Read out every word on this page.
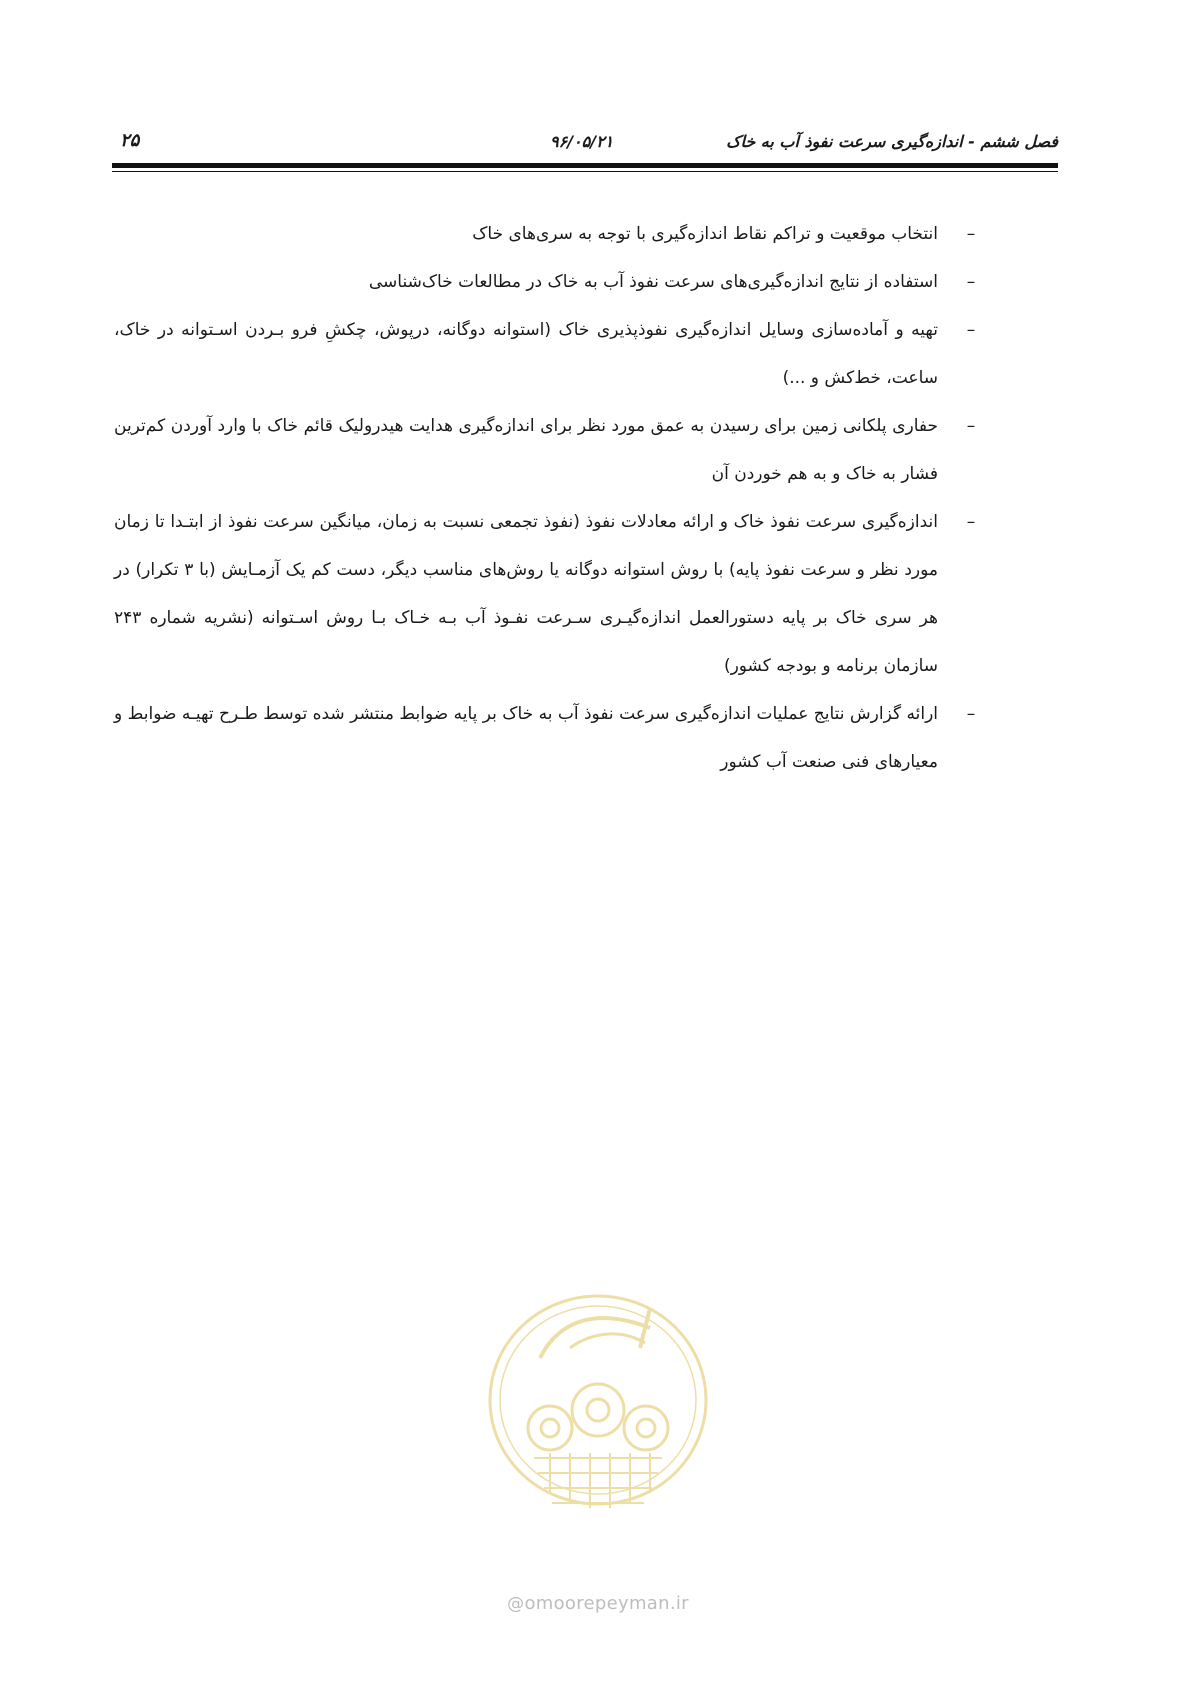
فصل ششم - اندازه‌گیری سرعت نفوذ آب به خاک
۹۶/۰۵/۲۱
۲۵
–
انتخاب موقعیت و تراکم نقاط اندازه‌گیری با توجه به سری‌های خاک
–
استفاده از نتایج اندازه‌گیری‌های سرعت نفوذ آب به خاک در مطالعات خاک‌شناسی
–
تهیه و آماده‌سازی وسایل اندازه‌گیری نفوذپذیری خاک (استوانه دوگانه، درپوش، چکشِ فرو بـردن اسـتوانه در خاک، ساعت، خط‌کش و ...)
–
حفاری پلکانی زمین برای رسیدن به عمق مورد نظر برای اندازه‌گیری هدایت هیدرولیک قائم خاک با وارد آوردن کم‌ترین فشار به خاک و به هم خوردن آن
–
اندازه‌گیری سرعت نفوذ خاک و ارائه معادلات نفوذ (نفوذ تجمعی نسبت به زمان، میانگین سرعت نفوذ از ابتـدا تا زمان مورد نظر و سرعت نفوذ پایه) با روش استوانه دوگانه یا روش‌های مناسب دیگر، دست کم یک آزمـایش (با ۳ تکرار) در هر سری خاک بر پایه دستورالعمل اندازه‌گیـری سـرعت نفـوذ آب بـه خـاک بـا روش اسـتوانه (نشریه شماره ۲۴۳ سازمان برنامه و بودجه کشور)
–
ارائه گزارش نتایج عملیات اندازه‌گیری سرعت نفوذ آب به خاک بر پایه ضوابط منتشر شده توسط طـرح تهیـه ضوابط و معیارهای فنی صنعت آب کشور
@omoorepeyman.ir
